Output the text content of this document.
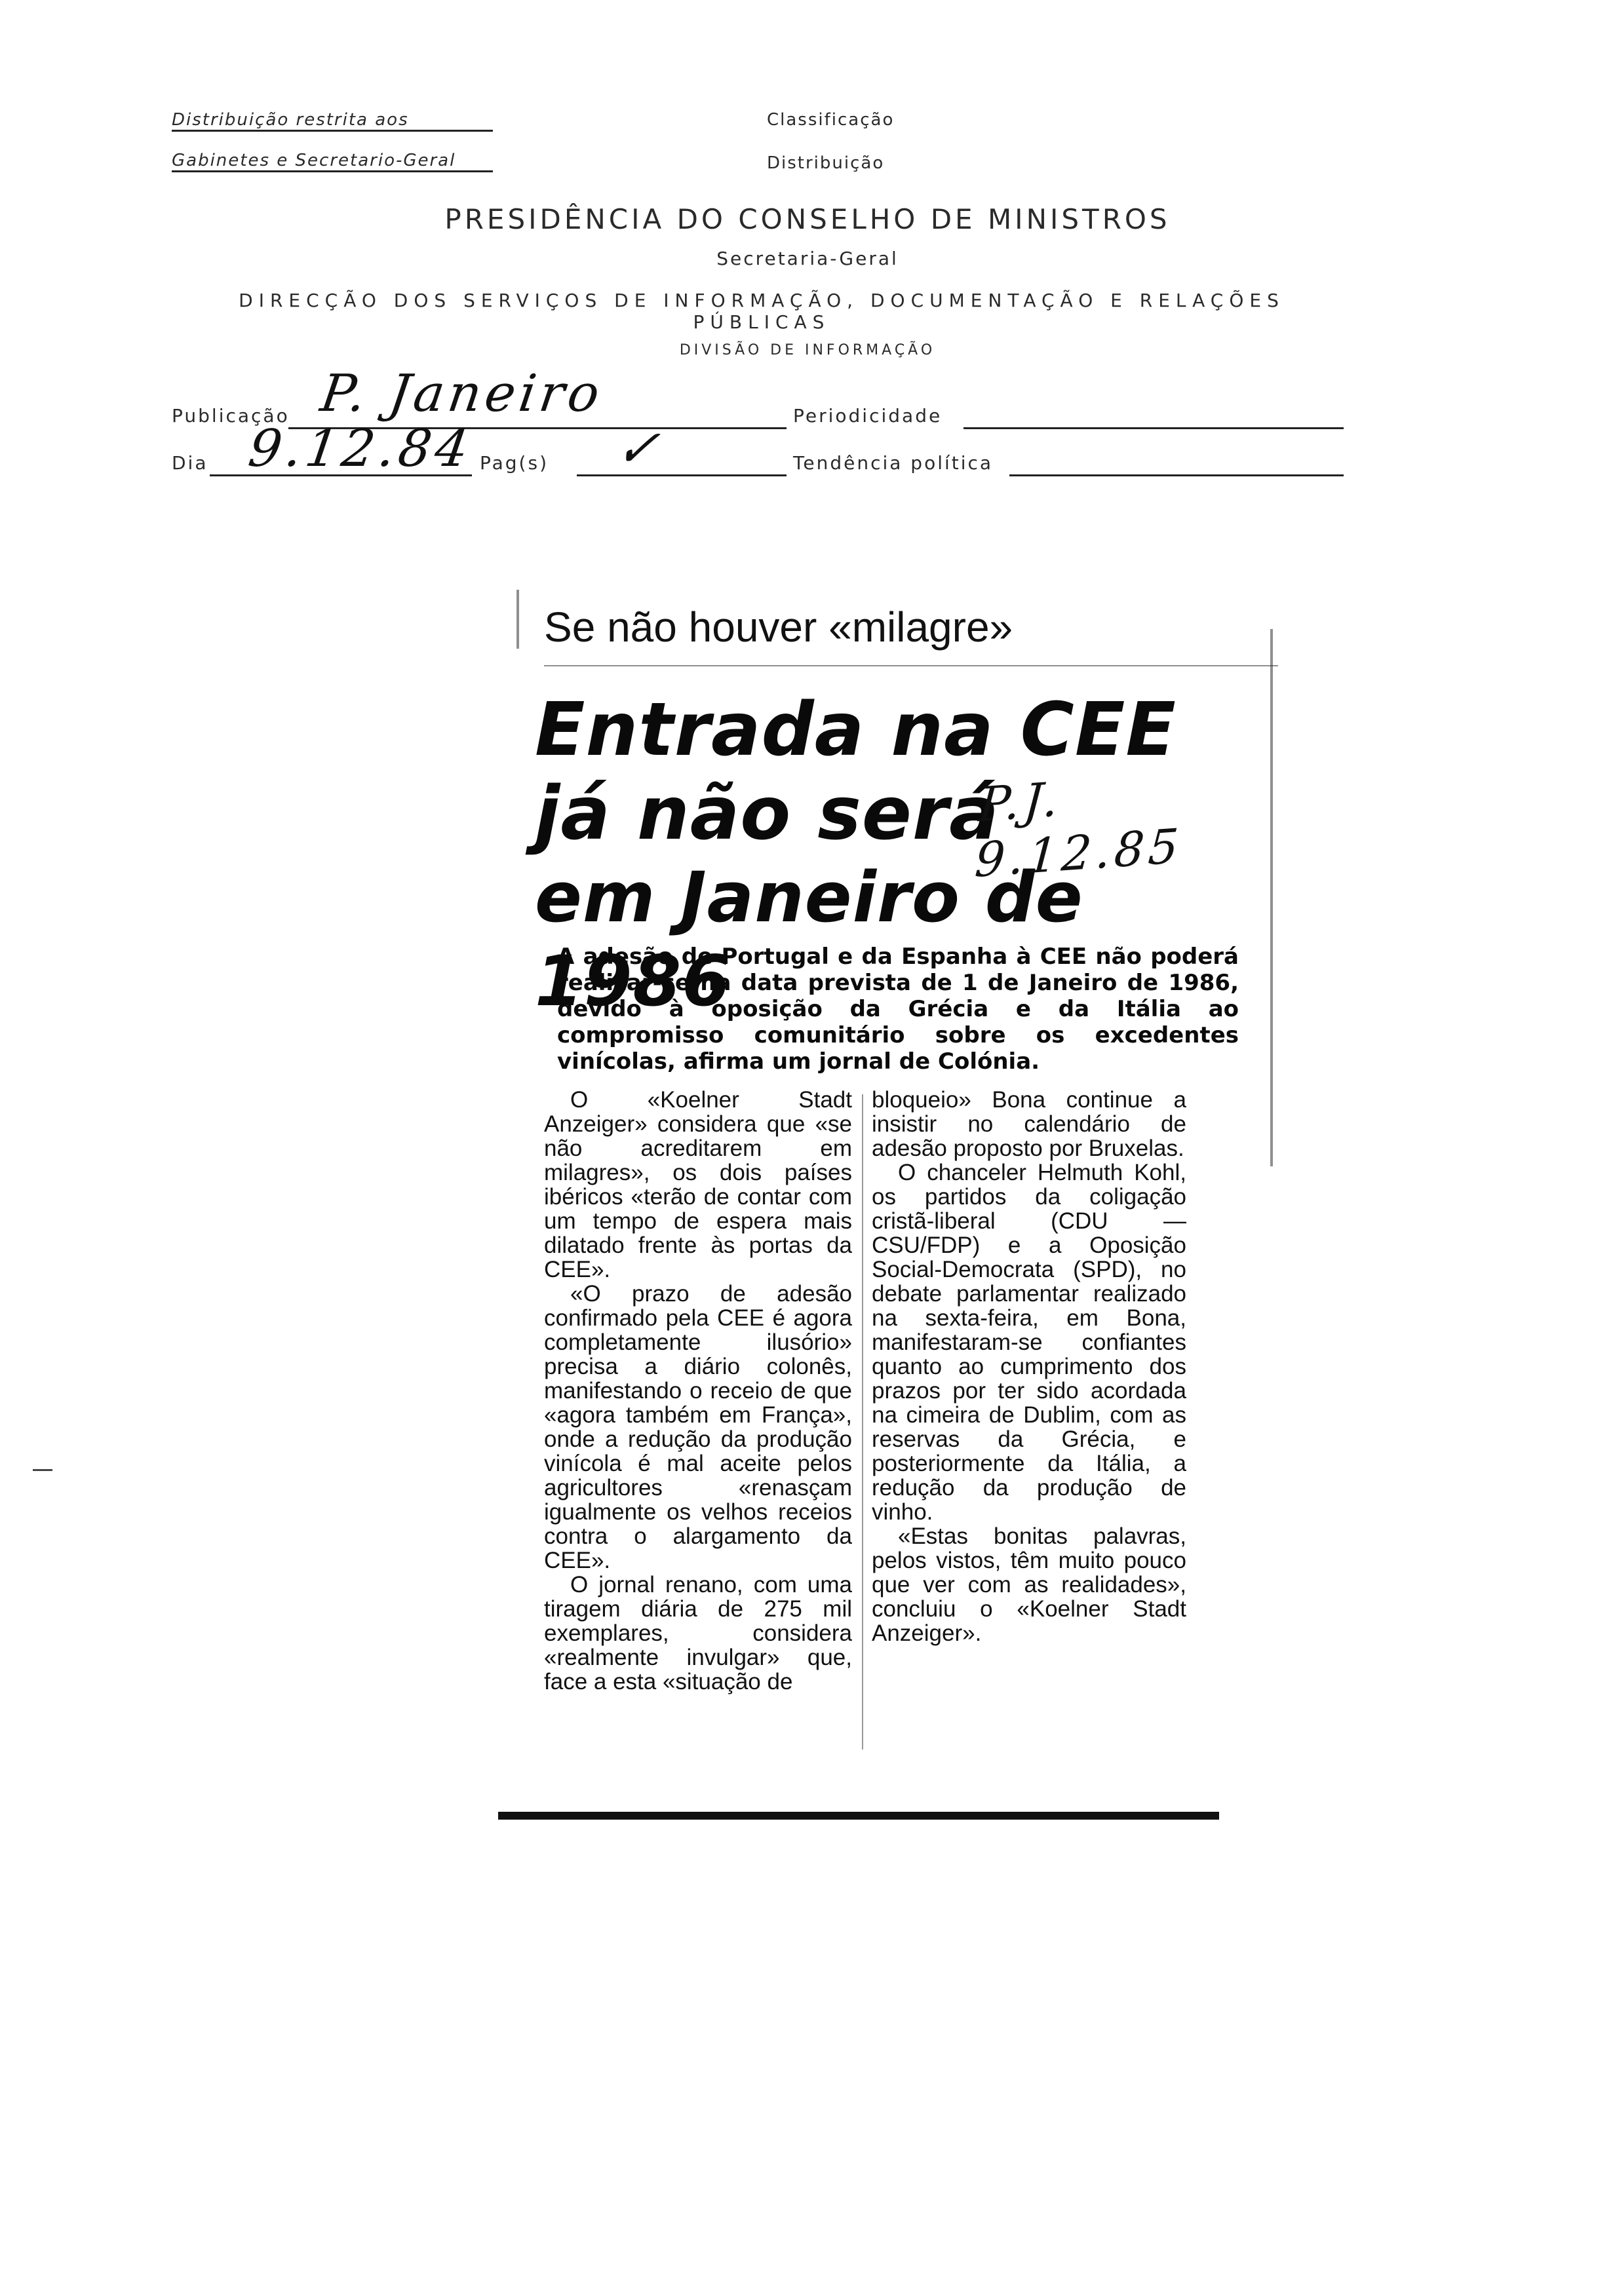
Distribuição restrita aos
Gabinetes e Secretario-Geral
Classificação
Distribuição
PRESIDÊNCIA DO CONSELHO DE MINISTROS
Secretaria-Geral
DIRECÇÃO DOS SERVIÇOS DE INFORMAÇÃO, DOCUMENTAÇÃO E RELAÇÕES PÚBLICAS
DIVISÃO DE INFORMAÇÃO
Publicação P. Janeiro	Periodicidade
Dia 9.12.84 Pag(s) ✓	Tendência política
Se não houver «milagre»
Entrada na CEE
já não será
em Janeiro de 1986
P.J. 9.12.85
A adesão de Portugal e da Espanha à CEE não poderá realizar-se na data prevista de 1 de Janeiro de 1986, devido à oposição da Grécia e da Itália ao compromisso comunitário sobre os excedentes vinícolas, afirma um jornal de Colónia.

O «Koelner Stadt Anzeiger» considera que «se não acreditarem em milagres», os dois países ibéricos «terão de contar com um tempo de espera mais dilatado frente às portas da CEE».

«O prazo de adesão confirmado pela CEE é agora completamente ilusório» precisa a diário colonês, manifestando o receio de que «agora também em França», onde a redução da produção vinícola é mal aceite pelos agricultores «renasçam igualmente os velhos receios contra o alargamento da CEE».

O jornal renano, com uma tiragem diária de 275 mil exemplares, considera «realmente invulgar» que, face a esta «situação de

bloqueio» Bona continue a insistir no calendário de adesão proposto por Bruxelas.

O chanceler Helmuth Kohl, os partidos da coligação cristã-liberal (CDU — CSU/FDP) e a Oposição Social-Democrata (SPD), no debate parlamentar realizado na sexta-feira, em Bona, manifestaram-se confiantes quanto ao cumprimento dos prazos por ter sido acordada na cimeira de Dublim, com as reservas da Grécia, e posteriormente da Itália, a redução da produção de vinho.

«Estas bonitas palavras, pelos vistos, têm muito pouco que ver com as realidades», concluiu o «Koelner Stadt Anzeiger».
